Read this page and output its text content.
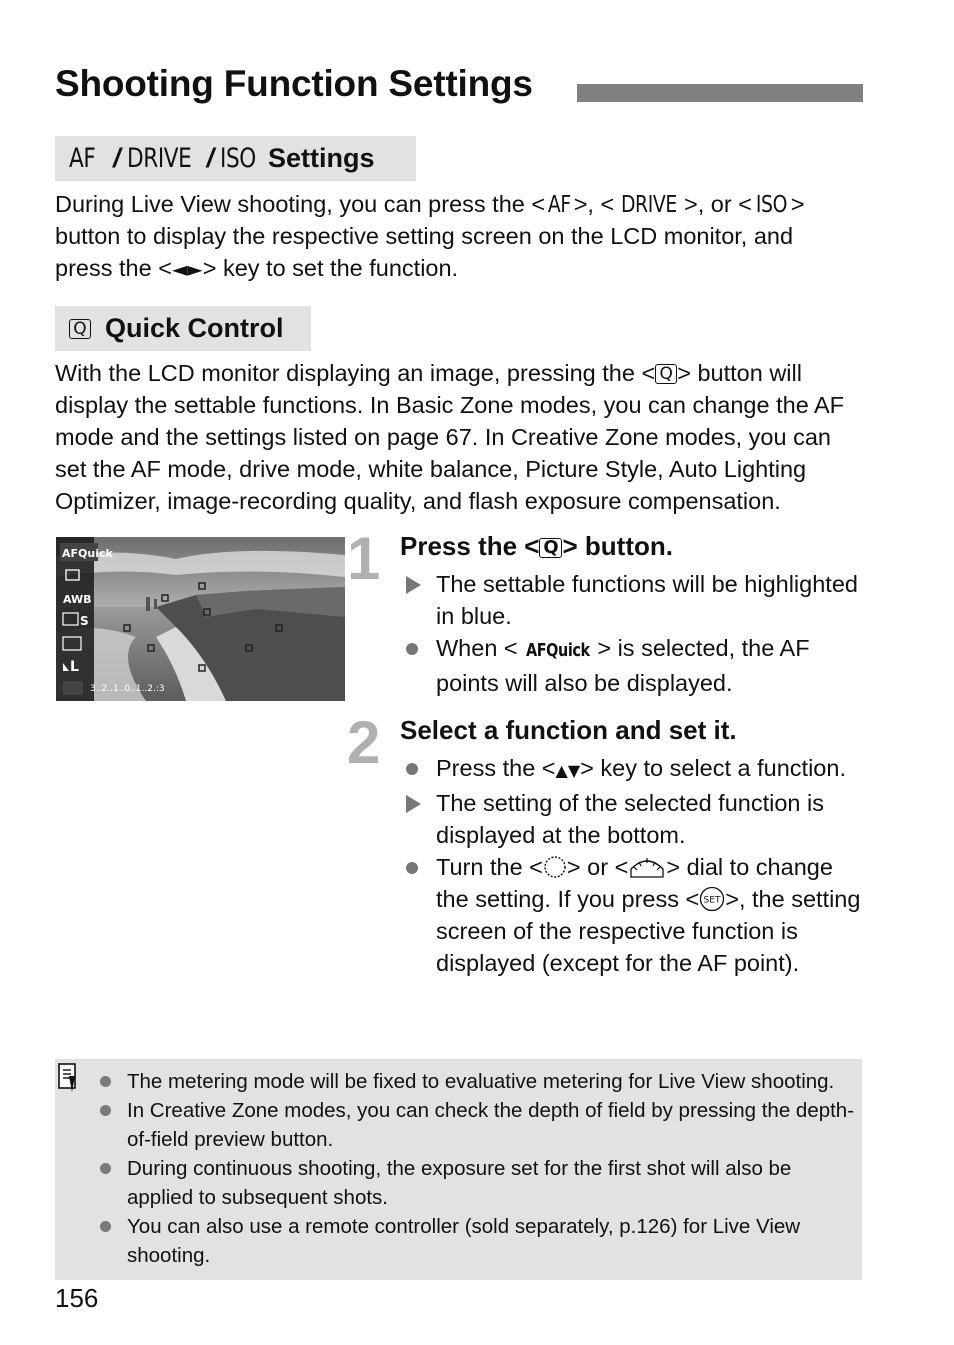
Shooting Function Settings
AF / DRIVE / ISO Settings
During Live View shooting, you can press the < AF >, < DRIVE >, or < ISO >
button to display the respective setting screen on the LCD monitor, and
press the <◄►> key to set the function.
Q Quick Control
With the LCD monitor displaying an image, pressing the < Q > button will
display the settable functions. In Basic Zone modes, you can change the AF
mode and the settings listed on page 67. In Creative Zone modes, you can
set the AF mode, drive mode, white balance, Picture Style, Auto Lighting
Optimizer, image-recording quality, and flash exposure compensation.
AFQuick
AWB
S
L
3..2..1..0..1..2.:3
1 Press the < Q > button.
The settable functions will be highlighted in blue.
When < AFQuick > is selected, the AF points will also be displayed.
2 Select a function and set it.
Press the <▲▼> key to select a function.
The setting of the selected function is displayed at the bottom.
Turn the < > or < > dial to change the setting. If you press < SET >, the setting screen of the respective function is displayed (except for the AF point).
The metering mode will be fixed to evaluative metering for Live View shooting.
In Creative Zone modes, you can check the depth of field by pressing the depth-of-field preview button.
During continuous shooting, the exposure set for the first shot will also be applied to subsequent shots.
You can also use a remote controller (sold separately, p.126) for Live View shooting.
156
